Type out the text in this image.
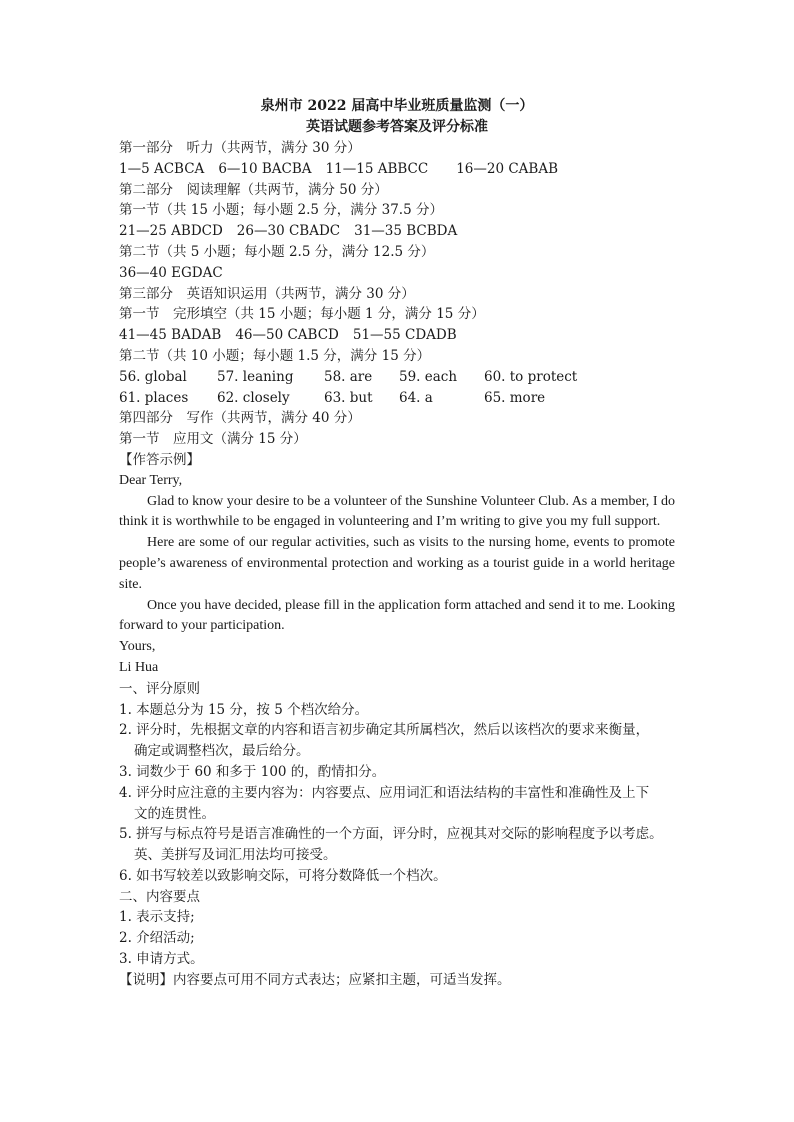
泉州市 2022 届高中毕业班质量监测（一）
英语试题参考答案及评分标准
第一部分　听力（共两节，满分 30 分）
1—5 ACBCA 6—10 BACBA 11—15 ABBCC 16—20 CABAB
第二部分　阅读理解（共两节，满分 50 分）
第一节（共 15 小题；每小题 2.5 分，满分 37.5 分）
21—25 ABDCD 26—30 CBADC 31—35 BCBDA
第二节（共 5 小题；每小题 2.5 分，满分 12.5 分）
36—40 EGDAC
第三部分　英语知识运用（共两节，满分 30 分）
第一节　完形填空（共 15 小题；每小题 1 分，满分 15 分）
41—45 BADAB 46—50 CABCD 51—55 CDADB
第二节（共 10 小题；每小题 1.5 分，满分 15 分）
56. global	57. leaning	58. are	59. each	60. to protect
61. places	62. closely	63. but	64. a	65. more
第四部分　写作（共两节，满分 40 分）
第一节　应用文（满分 15 分）
【作答示例】
Dear Terry,
Glad to know your desire to be a volunteer of the Sunshine Volunteer Club. As a member, I do think it is worthwhile to be engaged in volunteering and I’m writing to give you my full support.
Here are some of our regular activities, such as visits to the nursing home, events to promote people’s awareness of environmental protection and working as a tourist guide in a world heritage site.
Once you have decided, please fill in the application form attached and send it to me. Looking forward to your participation.
Yours,
Li Hua
一、评分原则
1. 本题总分为 15 分，按 5 个档次给分。
2. 评分时，先根据文章的内容和语言初步确定其所属档次，然后以该档次的要求来衡量，
确定或调整档次，最后给分。
3. 词数少于 60 和多于 100 的，酌情扣分。
4. 评分时应注意的主要内容为：内容要点、应用词汇和语法结构的丰富性和准确性及上下
文的连贯性。
5. 拼写与标点符号是语言准确性的一个方面，评分时，应视其对交际的影响程度予以考虑。
英、美拼写及词汇用法均可接受。
6. 如书写较差以致影响交际，可将分数降低一个档次。
二、内容要点
1. 表示支持;
2. 介绍活动;
3. 申请方式。
【说明】内容要点可用不同方式表达；应紧扣主题，可适当发挥。
